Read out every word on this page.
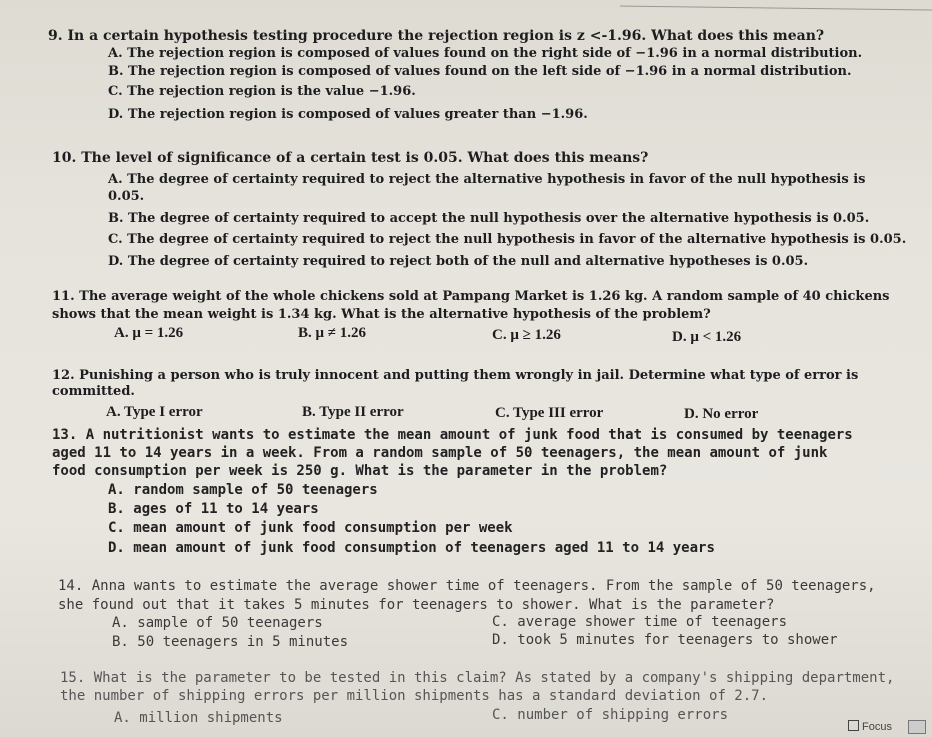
9. In a certain hypothesis testing procedure the rejection region is z <-1.96. What does this mean?
A. The rejection region is composed of values found on the right side of −1.96 in a normal distribution.
B. The rejection region is composed of values found on the left side of −1.96 in a normal distribution.
C. The rejection region is the value −1.96.
D. The rejection region is composed of values greater than −1.96.
10. The level of significance of a certain test is 0.05. What does this means?
A. The degree of certainty required to reject the alternative hypothesis in favor of the null hypothesis is
0.05.
B. The degree of certainty required to accept the null hypothesis over the alternative hypothesis is 0.05.
C. The degree of certainty required to reject the null hypothesis in favor of the alternative hypothesis is 0.05.
D. The degree of certainty required to reject both of the null and alternative hypotheses is 0.05.
11. The average weight of the whole chickens sold at Pampang Market is 1.26 kg. A random sample of 40 chickens
shows that the mean weight is 1.34 kg. What is the alternative hypothesis of the problem?
A. μ = 1.26	B. μ ≠ 1.26	C. μ ≥ 1.26	D. μ < 1.26
12. Punishing a person who is truly innocent and putting them wrongly in jail. Determine what type of error is
committed.
A. Type I error	B. Type II error	C. Type III error	D. No error
13. A nutritionist wants to estimate the mean amount of junk food that is consumed by teenagers
aged 11 to 14 years in a week. From a random sample of 50 teenagers, the mean amount of junk
food consumption per week is 250 g. What is the parameter in the problem?
A. random sample of 50 teenagers
B. ages of 11 to 14 years
C. mean amount of junk food consumption per week
D. mean amount of junk food consumption of teenagers aged 11 to 14 years
14. Anna wants to estimate the average shower time of teenagers. From the sample of 50 teenagers,
she found out that it takes 5 minutes for teenagers to shower. What is the parameter?
A. sample of 50 teenagers
B. 50 teenagers in 5 minutes
C. average shower time of teenagers
D. took 5 minutes for teenagers to shower
15. What is the parameter to be tested in this claim? As stated by a company's shipping department,
the number of shipping errors per million shipments has a standard deviation of 2.7.
A. million shipments	C. number of shipping errors
Focus
